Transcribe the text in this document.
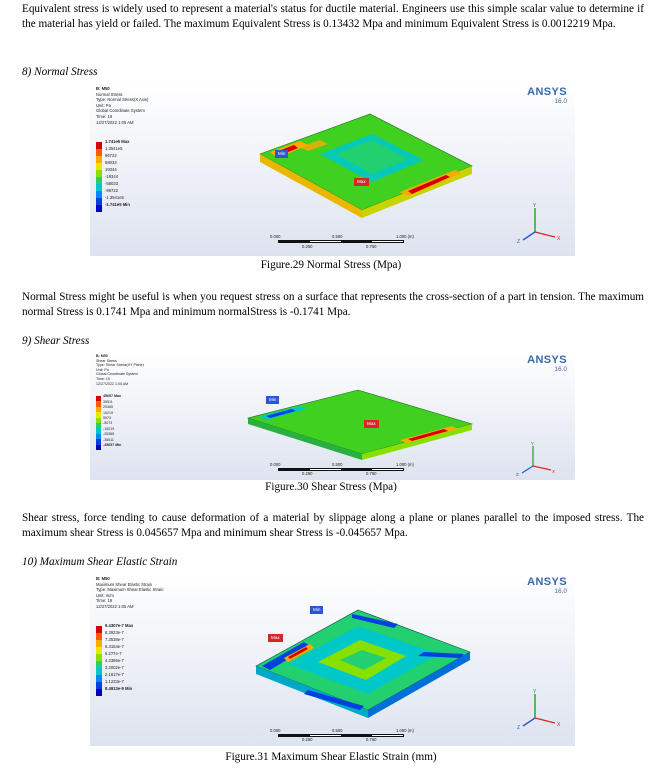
Equivalent stress is widely used to represent a material's status for ductile material. Engineers use this simple scalar value to determine if the material has yield or failed. The maximum Equivalent Stress is 0.13432 Mpa and minimum Equivalent Stress is 0.0012219 Mpa.

8) Normal Stress

B: M50
Normal Stress
Type: Normal Stress(X Axis)
Unit: Pa
Global Coordinate System
Time: 19
12/27/2022 1:05 AM
1.741e5 Max
1.3541e5
96722
58033
19344
-19344
-58033
-96722
-1.3541e5
-1.741e5 Min
ANSYS
16.0
Min
Max
0.000	0.500	1.000 (m)
0.250	0.750
Y
X
Z

Figure.29 Normal Stress (Mpa)

Normal Stress might be useful is when you request stress on a surface that represents the cross-section of a part in tension. The maximum normal Stress is 0.1741 Mpa and minimum normalStress is -0.1741 Mpa.

9) Shear Stress

B: M50
Shear Stress
Type: Shear Stress(XY Plane)
Unit: Pa
Global Coordinate System
Time: 19
12/27/2022 1:05 AM
45657 Max
35511
25365
15219
5073
-5073
-15219
-25365
-35511
-45657 Min
ANSYS
16.0
Min
Max
0.000	0.500	1.000 (m)
0.250	0.750
Y
X
Z

Figure.30 Shear Stress (Mpa)

Shear stress, force tending to cause deformation of a material by slippage along a plane or planes parallel to the imposed stress. The maximum shear Stress is 0.045657 Mpa and minimum shear Stress is -0.045657 Mpa.

10) Maximum Shear Elastic Strain

B: M50
Maximum Shear Elastic Strain
Type: Maximum Shear Elastic Strain
Unit: m/m
Time: 19
12/27/2022 1:05 AM
9.4307e-7 Max
8.3923e-7
7.3538e-7
6.3154e-7
5.277e-7
4.2386e-7
3.2002e-7
2.1617e-7
1.1233e-7
8.4912e-9 Min
ANSYS
16.0
Min
Max
0.000	0.500	1.000 (m)
0.250	0.750
Y
X
Z

Figure.31 Maximum Shear Elastic Strain (mm)
